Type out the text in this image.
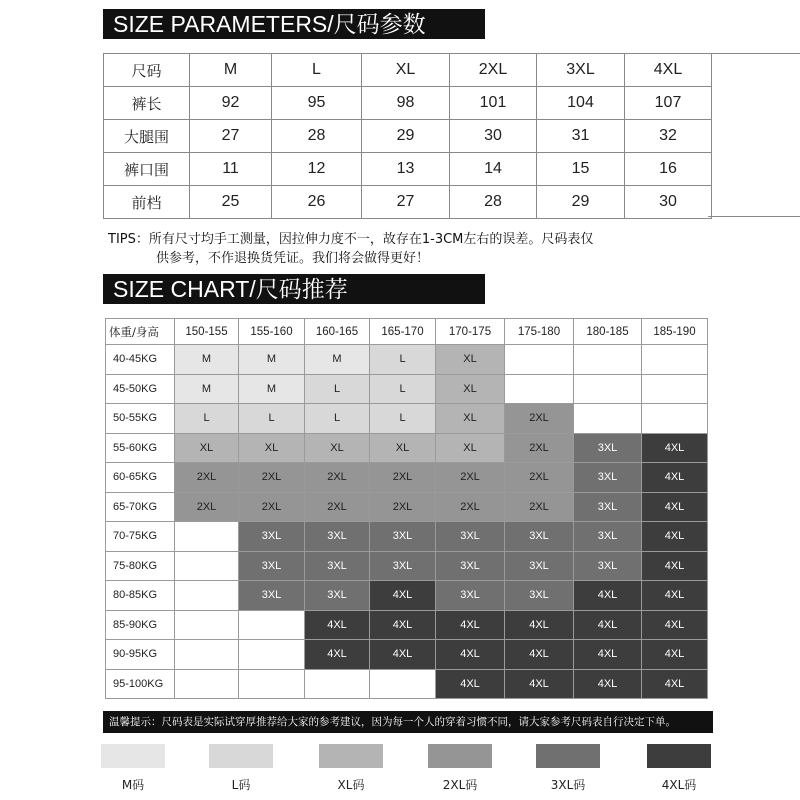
SIZE PARAMETERS/尺码参数
尺码	M	L	XL	2XL	3XL	4XL
裤长	92	95	98	101	104	107
大腿围	27	28	29	30	31	32
裤口围	11	12	13	14	15	16
前档	25	26	27	28	29	30
TIPS：所有尺寸均手工测量，因拉伸力度不一，故存在1-3CM左右的误差。尺码表仅
供参考，不作退换货凭证。我们将会做得更好！
SIZE CHART/尺码推荐
体重/身高	150-155	155-160	160-165	165-170	170-175	175-180	180-185	185-190
40-45KG	M	M	M	L	XL			
45-50KG	M	M	L	L	XL			
50-55KG	L	L	L	L	XL	2XL		
55-60KG	XL	XL	XL	XL	XL	2XL	3XL	4XL
60-65KG	2XL	2XL	2XL	2XL	2XL	2XL	3XL	4XL
65-70KG	2XL	2XL	2XL	2XL	2XL	2XL	3XL	4XL
70-75KG		3XL	3XL	3XL	3XL	3XL	3XL	4XL
75-80KG		3XL	3XL	3XL	3XL	3XL	3XL	4XL
80-85KG		3XL	3XL	4XL	3XL	3XL	4XL	4XL
85-90KG			4XL	4XL	4XL	4XL	4XL	4XL
90-95KG			4XL	4XL	4XL	4XL	4XL	4XL
95-100KG					4XL	4XL	4XL	4XL
温馨提示：尺码表是实际试穿厚推荐给大家的参考建议，因为每一个人的穿着习惯不同，请大家参考尺码表自行决定下单。
M码	L码	XL码	2XL码	3XL码	4XL码
